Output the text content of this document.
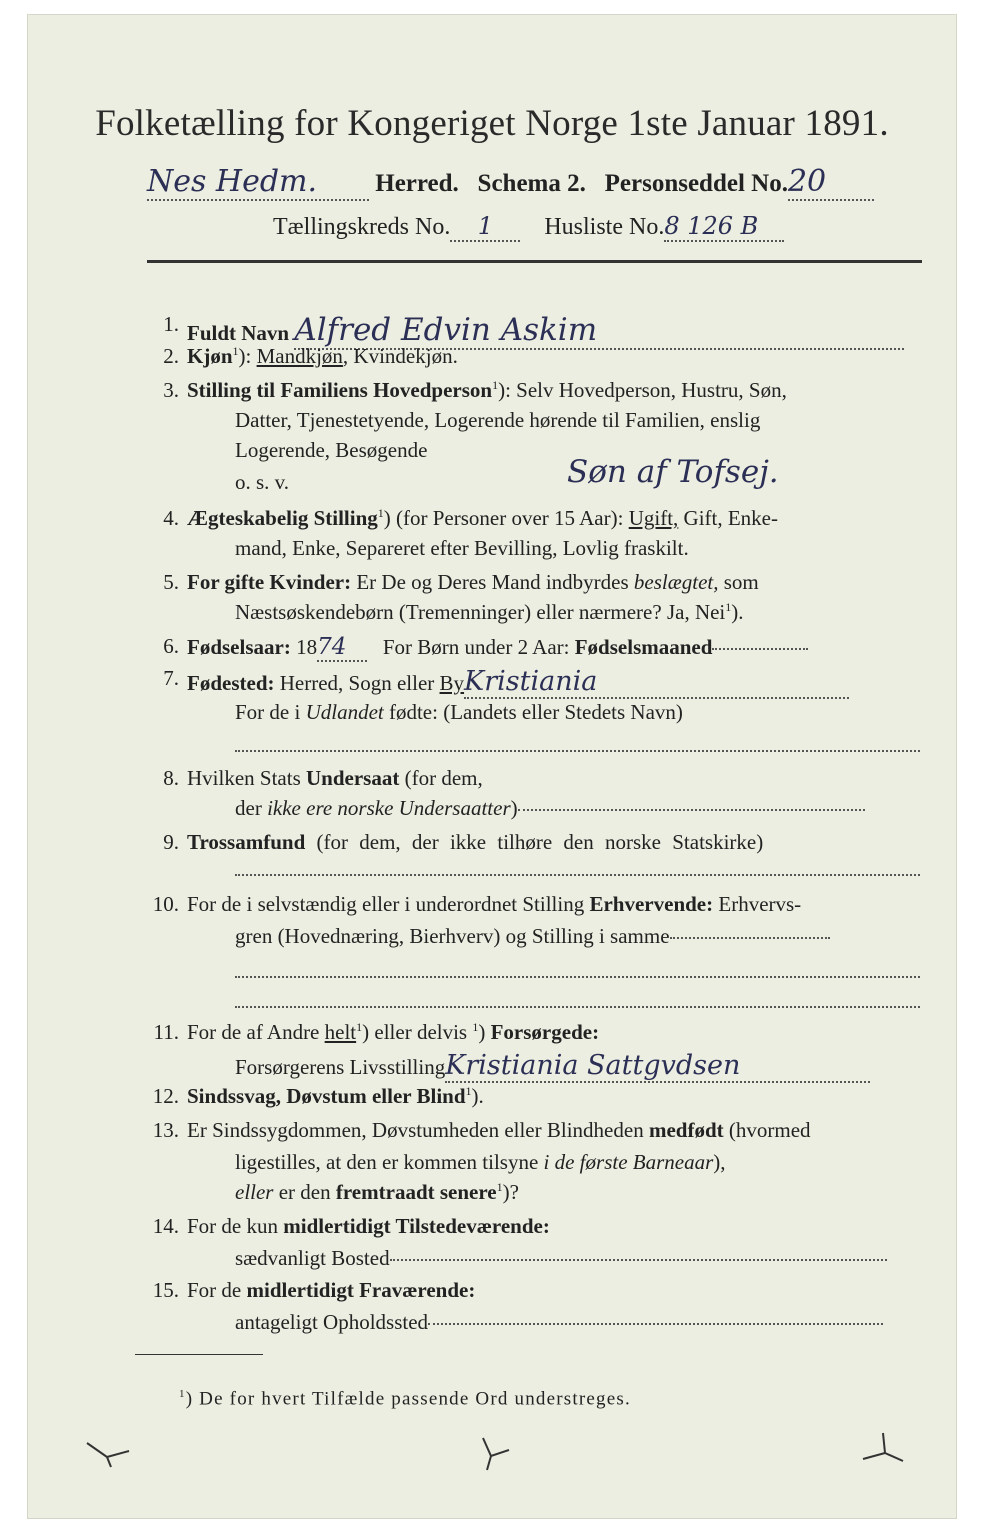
Folketælling for Kongeriget Norge 1ste Januar 1891.
Nes Hedm. Herred. Schema 2. Personseddel No.20
Tællingskreds No. 1 Husliste No.8 126 B
1. Fuldt Navn Alfred Edvin Askim
2. Kjøn$^1$): Mandkjøn, Kvindekjøn.
3. Stilling til Familiens Hovedperson$^1$): Selv Hovedperson, Hustru, Søn,
Datter, Tjenestetyende, Logerende hørende til Familien, enslig
Logerende, Besøgende
o. s. v.	Søn af Tofsej.
4. Ægteskabelig Stilling$^1$) (for Personer over 15 Aar): Ugift, Gift, Enke-
mand, Enke, Separeret efter Bevilling, Lovlig fraskilt.
5. For gifte Kvinder: Er De og Deres Mand indbyrdes beslægtet, som
Næstsøskendebørn (Tremenninger) eller nærmere? Ja, Nei$^1$).
6. Fødselsaar: 1874 For Børn under 2 Aar: Fødselsmaaned
7. Fødested: Herred, Sogn eller ByKristiania
For de i Udlandet fødte: (Landets eller Stedets Navn)
8. Hvilken Stats Undersaat (for dem,
der ikke ere norske Undersaatter)
9. Trossamfund (for dem, der ikke tilhøre den norske Statskirke)
10. For de i selvstændig eller i underordnet Stilling Erhvervende: Erhvervs-
gren (Hovednæring, Bierhverv) og Stilling i samme
11. For de af Andre helt$^1$) eller delvis $^1$) Forsørgede:
Forsørgerens LivsstillingKristiania Sattgvdsen
12. Sindssvag, Døvstum eller Blind$^1$).
13. Er Sindssygdommen, Døvstumheden eller Blindheden medfødt (hvormed
ligestilles, at den er kommen tilsyne i de første Barneaar),
eller er den fremtraadt senere$^1$)?
14. For de kun midlertidigt Tilstedeværende:
sædvanligt Bosted
15. For de midlertidigt Fraværende:
antageligt Opholdssted
$^1$) De for hvert Tilfælde passende Ord understreges.
